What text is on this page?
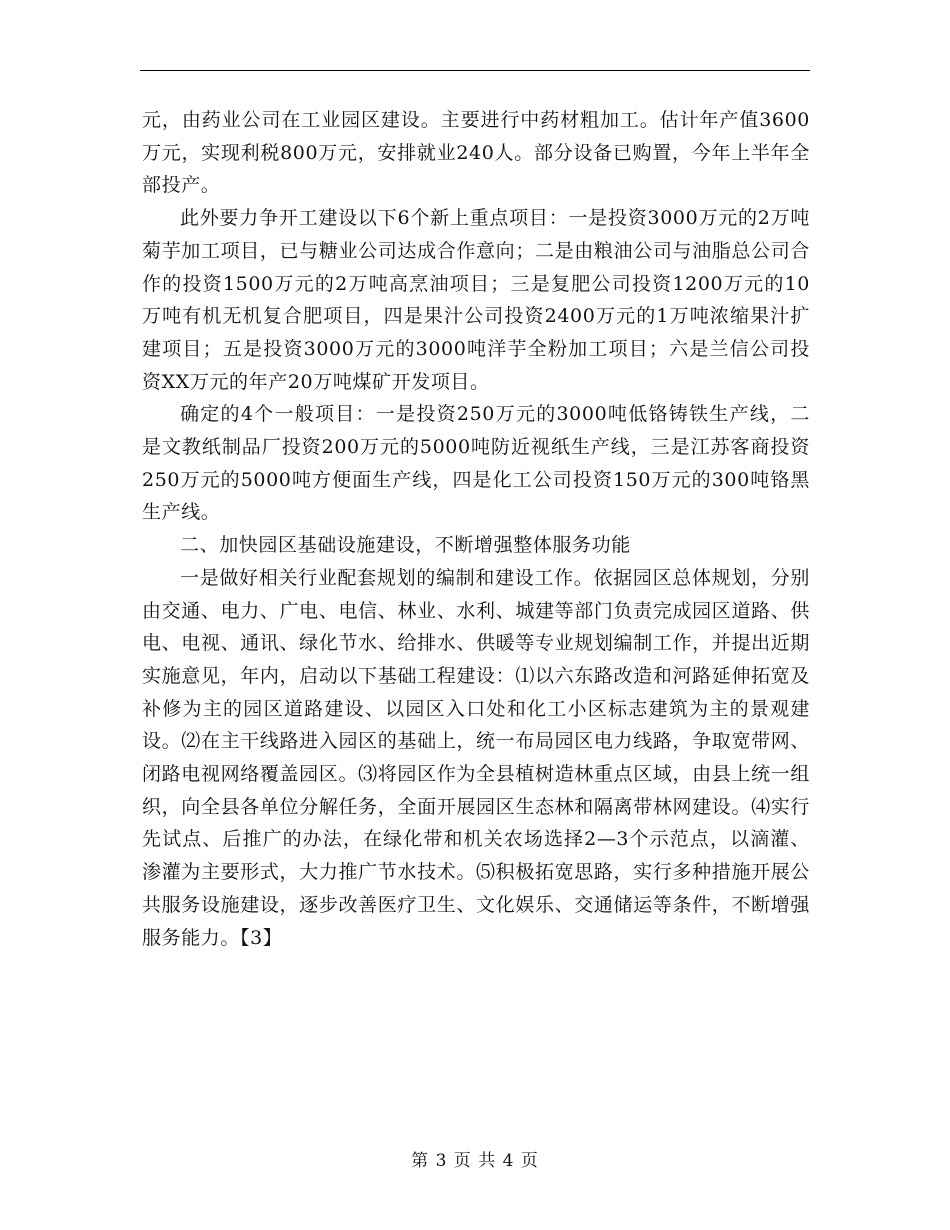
元，由药业公司在工业园区建设。主要进行中药材粗加工。估计年产值3600万元，实现利税800万元，安排就业240人。部分设备已购置，今年上半年全部投产。

此外要力争开工建设以下6个新上重点项目：一是投资3000万元的2万吨菊芋加工项目，已与糖业公司达成合作意向；二是由粮油公司与油脂总公司合作的投资1500万元的2万吨高烹油项目；三是复肥公司投资1200万元的10万吨有机无机复合肥项目，四是果汁公司投资2400万元的1万吨浓缩果汁扩建项目；五是投资3000万元的3000吨洋芋全粉加工项目；六是兰信公司投资XX万元的年产20万吨煤矿开发项目。

确定的4个一般项目：一是投资250万元的3000吨低铬铸铁生产线，二是文教纸制品厂投资200万元的5000吨防近视纸生产线，三是江苏客商投资250万元的5000吨方便面生产线，四是化工公司投资150万元的300吨铬黑生产线。

二、加快园区基础设施建设，不断增强整体服务功能

一是做好相关行业配套规划的编制和建设工作。依据园区总体规划，分别由交通、电力、广电、电信、林业、水利、城建等部门负责完成园区道路、供电、电视、通讯、绿化节水、给排水、供暖等专业规划编制工作，并提出近期实施意见，年内，启动以下基础工程建设：⑴以六东路改造和河路延伸拓宽及补修为主的园区道路建设、以园区入口处和化工小区标志建筑为主的景观建设。⑵在主干线路进入园区的基础上，统一布局园区电力线路，争取宽带网、闭路电视网络覆盖园区。⑶将园区作为全县植树造林重点区域，由县上统一组织，向全县各单位分解任务，全面开展园区生态林和隔离带林网建设。⑷实行先试点、后推广的办法，在绿化带和机关农场选择2—3个示范点，以滴灌、渗灌为主要形式，大力推广节水技术。⑸积极拓宽思路，实行多种措施开展公共服务设施建设，逐步改善医疗卫生、文化娱乐、交通储运等条件，不断增强服务能力。【3】

第 3 页 共 4 页
